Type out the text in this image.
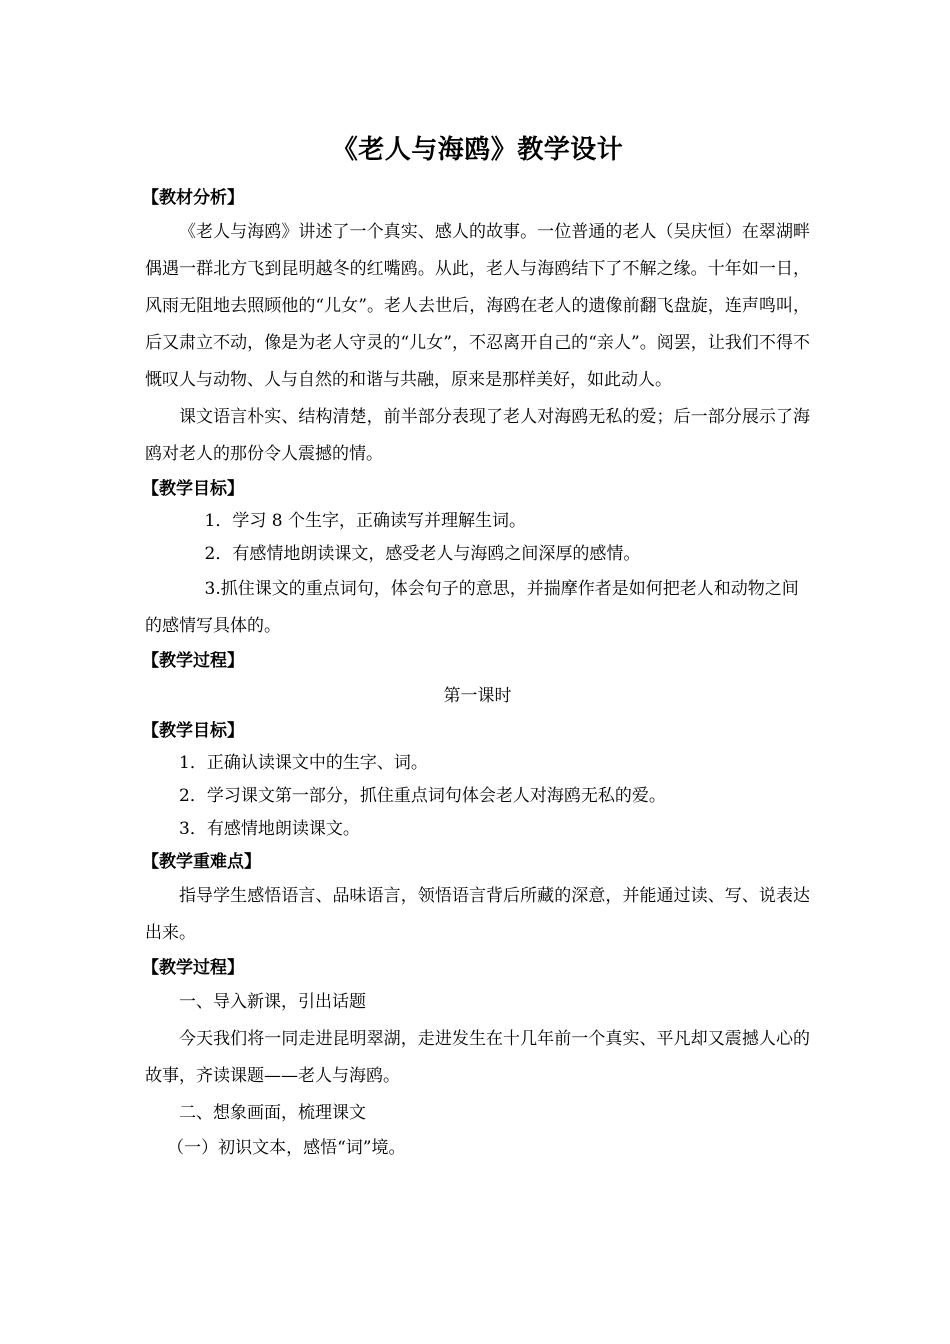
《老人与海鸥》教学设计
【教材分析】

《老人与海鸥》讲述了一个真实、感人的故事。一位普通的老人（吴庆恒）在翠湖畔偶遇一群北方飞到昆明越冬的红嘴鸥。从此，老人与海鸥结下了不解之缘。十年如一日，风雨无阻地去照顾他的“儿女”。老人去世后，海鸥在老人的遗像前翻飞盘旋，连声鸣叫，后又肃立不动，像是为老人守灵的“儿女”，不忍离开自己的“亲人”。阅罢，让我们不得不慨叹人与动物、人与自然的和谐与共融，原来是那样美好，如此动人。

课文语言朴实、结构清楚，前半部分表现了老人对海鸥无私的爱；后一部分展示了海鸥对老人的那份令人震撼的情。

【教学目标】

1．学习 8 个生字，正确读写并理解生词。

2．有感情地朗读课文，感受老人与海鸥之间深厚的感情。

3.抓住课文的重点词句，体会句子的意思，并揣摩作者是如何把老人和动物之间的感情写具体的。

【教学过程】

第一课时

【教学目标】

1．正确认读课文中的生字、词。

2．学习课文第一部分，抓住重点词句体会老人对海鸥无私的爱。

3．有感情地朗读课文。

【教学重难点】

指导学生感悟语言、品味语言，领悟语言背后所藏的深意，并能通过读、写、说表达出来。

【教学过程】

一、导入新课，引出话题

今天我们将一同走进昆明翠湖，走进发生在十几年前一个真实、平凡却又震撼人心的故事，齐读课题——老人与海鸥。

二、想象画面，梳理课文

（一）初识文本，感悟“词”境。
